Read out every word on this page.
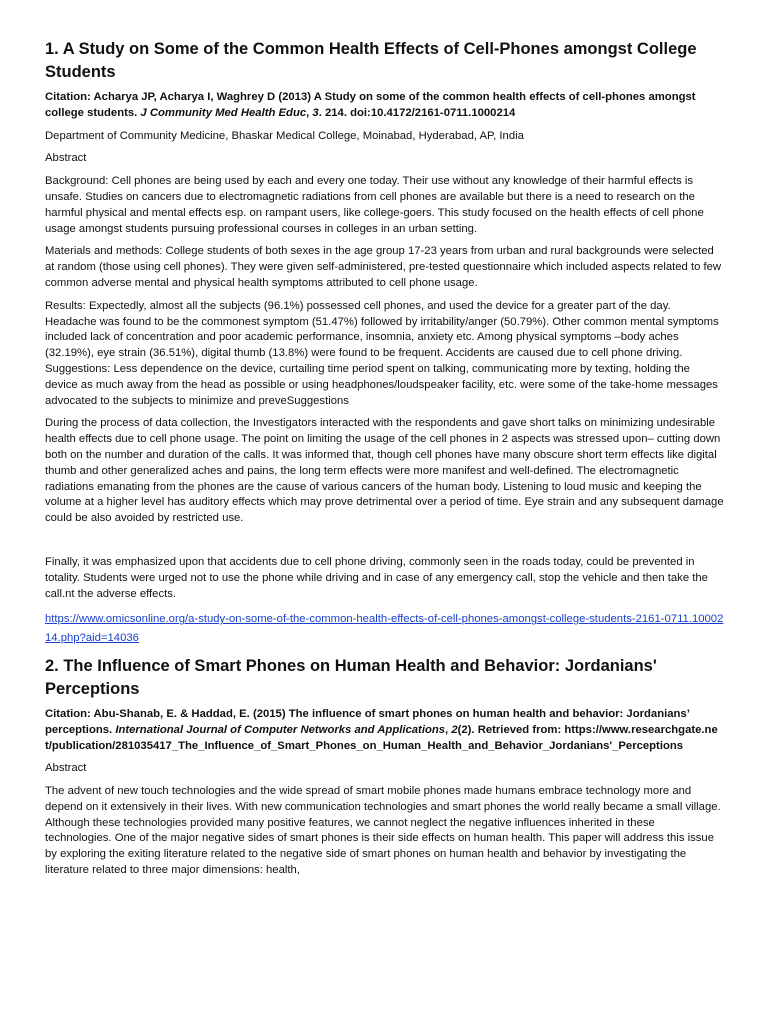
1. A Study on Some of the Common Health Effects of Cell-Phones amongst College Students

Citation: Acharya JP, Acharya I, Waghrey D (2013) A Study on some of the common health effects of cell-phones amongst college students. J Community Med Health Educ, 3. 214. doi:10.4172/2161-0711.1000214

Department of Community Medicine, Bhaskar Medical College, Moinabad, Hyderabad, AP, India

Abstract

Background: Cell phones are being used by each and every one today. Their use without any knowledge of their harmful effects is unsafe. Studies on cancers due to electromagnetic radiations from cell phones are available but there is a need to research on the harmful physical and mental effects esp. on rampant users, like college-goers. This study focused on the health effects of cell phone usage amongst students pursuing professional courses in colleges in an urban setting.

Materials and methods: College students of both sexes in the age group 17-23 years from urban and rural backgrounds were selected at random (those using cell phones). They were given self-administered, pre-tested questionnaire which included aspects related to few common adverse mental and physical health symptoms attributed to cell phone usage.

Results: Expectedly, almost all the subjects (96.1%) possessed cell phones, and used the device for a greater part of the day. Headache was found to be the commonest symptom (51.47%) followed by irritability/anger (50.79%). Other common mental symptoms included lack of concentration and poor academic performance, insomnia, anxiety etc. Among physical symptoms –body aches (32.19%), eye strain (36.51%), digital thumb (13.8%) were found to be frequent. Accidents are caused due to cell phone driving. Suggestions: Less dependence on the device, curtailing time period spent on talking, communicating more by texting, holding the device as much away from the head as possible or using headphones/loudspeaker facility, etc. were some of the take-home messages advocated to the subjects to minimize and preveSuggestions

During the process of data collection, the Investigators interacted with the respondents and gave short talks on minimizing undesirable health effects due to cell phone usage. The point on limiting the usage of the cell phones in 2 aspects was stressed upon– cutting down both on the number and duration of the calls. It was informed that, though cell phones have many obscure short term effects like digital thumb and other generalized aches and pains, the long term effects were more manifest and well-defined. The electromagnetic radiations emanating from the phones are the cause of various cancers of the human body. Listening to loud music and keeping the volume at a higher level has auditory effects which may prove detrimental over a period of time. Eye strain and any subsequent damage could be also avoided by restricted use.

Finally, it was emphasized upon that accidents due to cell phone driving, commonly seen in the roads today, could be prevented in totality. Students were urged not to use the phone while driving and in case of any emergency call, stop the vehicle and then take the call.nt the adverse effects.

https://www.omicsonline.org/a-study-on-some-of-the-common-health-effects-of-cell-phones-amongst-college-students-2161-0711.1000214.php?aid=14036
2. The Influence of Smart Phones on Human Health and Behavior: Jordanians' Perceptions

Citation: Abu-Shanab, E. & Haddad, E. (2015) The influence of smart phones on human health and behavior: Jordanians’ perceptions. International Journal of Computer Networks and Applications, 2(2). Retrieved from: https://www.researchgate.net/publication/281035417_The_Influence_of_Smart_Phones_on_Human_Health_and_Behavior_Jordanians'_Perceptions

Abstract

The advent of new touch technologies and the wide spread of smart mobile phones made humans embrace technology more and depend on it extensively in their lives. With new communication technologies and smart phones the world really became a small village. Although these technologies provided many positive features, we cannot neglect the negative influences inherited in these technologies. One of the major negative sides of smart phones is their side effects on human health. This paper will address this issue by exploring the exiting literature related to the negative side of smart phones on human health and behavior by investigating the literature related to three major dimensions: health,
